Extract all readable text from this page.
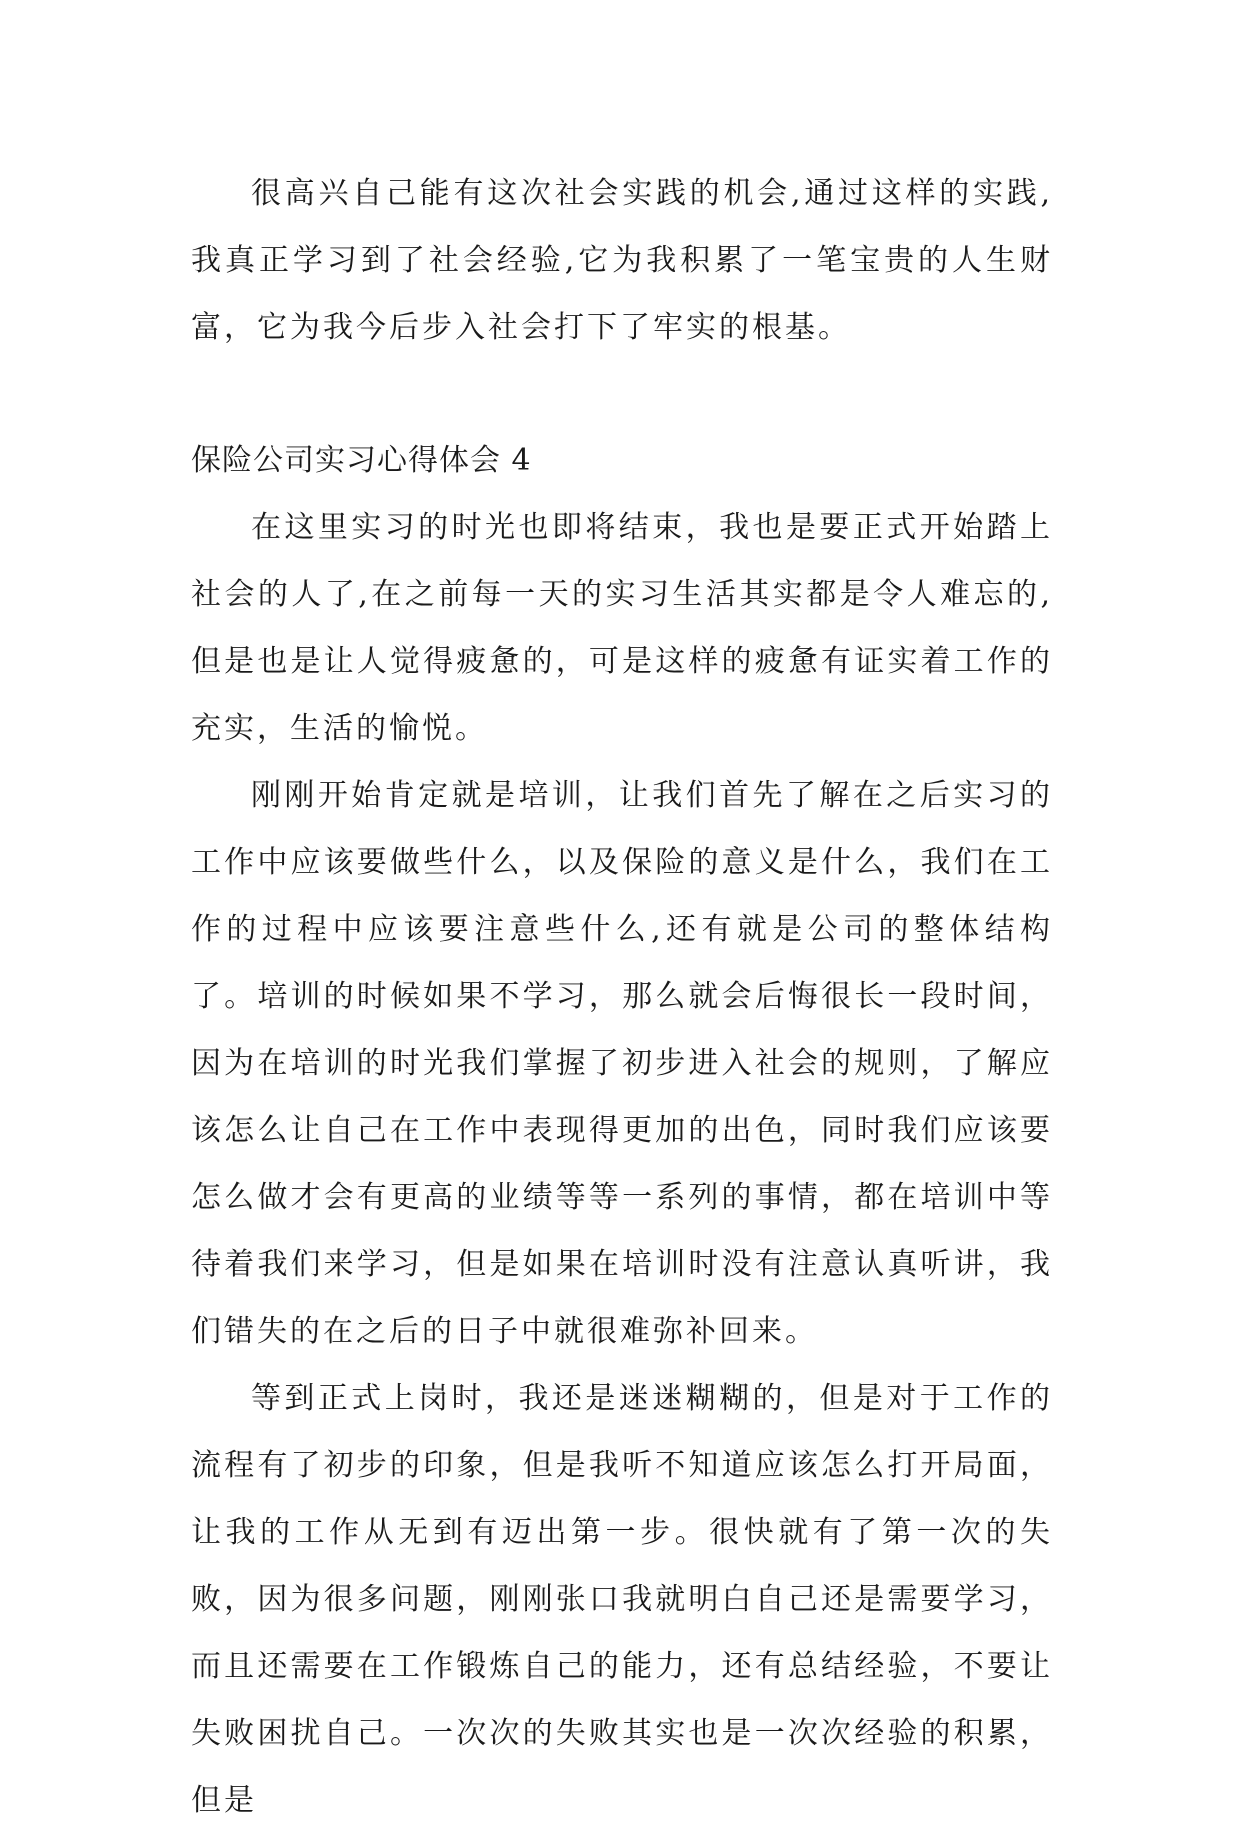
很高兴自己能有这次社会实践的机会,通过这样的实践,我真正学习到了社会经验,它为我积累了一笔宝贵的人生财富，它为我今后步入社会打下了牢实的根基。

保险公司实习心得体会 4

在这里实习的时光也即将结束，我也是要正式开始踏上社会的人了,在之前每一天的实习生活其实都是令人难忘的,但是也是让人觉得疲惫的，可是这样的疲惫有证实着工作的充实，生活的愉悦。

刚刚开始肯定就是培训，让我们首先了解在之后实习的工作中应该要做些什么，以及保险的意义是什么，我们在工作的过程中应该要注意些什么,还有就是公司的整体结构了。培训的时候如果不学习，那么就会后悔很长一段时间，因为在培训的时光我们掌握了初步进入社会的规则，了解应该怎么让自己在工作中表现得更加的出色，同时我们应该要怎么做才会有更高的业绩等等一系列的事情，都在培训中等待着我们来学习，但是如果在培训时没有注意认真听讲，我们错失的在之后的日子中就很难弥补回来。

等到正式上岗时，我还是迷迷糊糊的，但是对于工作的流程有了初步的印象，但是我听不知道应该怎么打开局面，让我的工作从无到有迈出第一步。很快就有了第一次的失败，因为很多问题，刚刚张口我就明白自己还是需要学习，而且还需要在工作锻炼自己的能力，还有总结经验，不要让失败困扰自己。一次次的失败其实也是一次次经验的积累，但是
